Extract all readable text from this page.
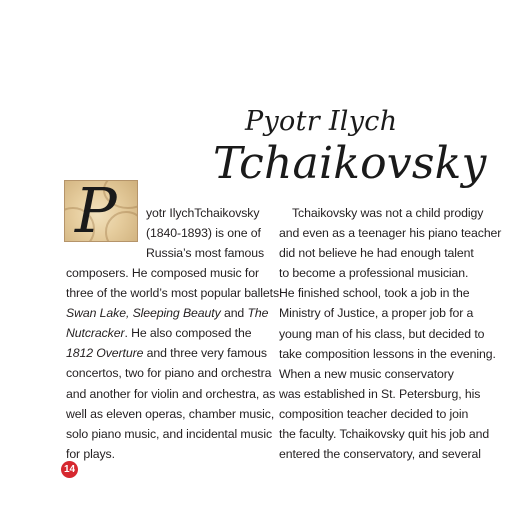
Pyotr Ilych
Tchaikovsky
P yotr IlychTchaikovsky
(1840-1893) is one of
Russia’s most famous
composers. He composed music for
three of the world’s most popular ballets:
Swan Lake, Sleeping Beauty and The
Nutcracker. He also composed the
1812 Overture and three very famous
concertos, two for piano and orchestra
and another for violin and orchestra, as
well as eleven operas, chamber music,
solo piano music, and incidental music
for plays.
Tchaikovsky was not a child prodigy
and even as a teenager his piano teacher
did not believe he had enough talent
to become a professional musician.
He finished school, took a job in the
Ministry of Justice, a proper job for a
young man of his class, but decided to
take composition lessons in the evening.
When a new music conservatory
was established in St. Petersburg, his
composition teacher decided to join
the faculty. Tchaikovsky quit his job and
entered the conservatory, and several
14
